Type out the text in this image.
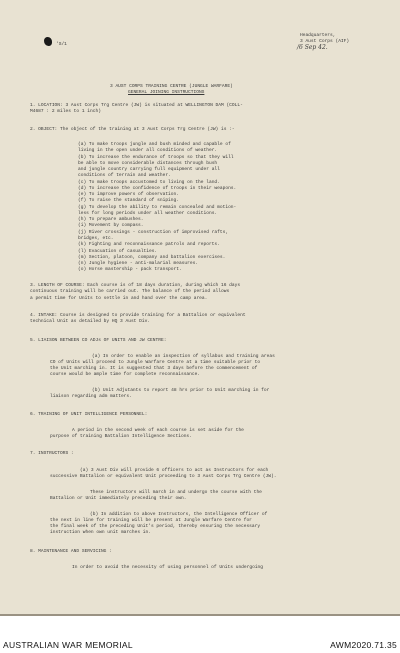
'S/1
Headquarters,
3 Aust Corps (AIF)
/6 Sep 42.
3 AUST CORPS TRAINING CENTRE (JUNGLE WARFARE)
GENERAL JOINING INSTRUCTIONS
1. LOCATION: 3 Aust Corps Trg Centre (JW) is situated at WELLINGTON DAM (COLL-
M4687 : 2 miles to 1 inch)
2. OBJECT: The object of the training at 3 Aust Corps Trg Centre (JW) is :-
(a) To make troops jungle and bush minded and capable of
living in the open under all conditions of weather.
(b) To increase the endurance of troops so that they will
be able to move considerable distances through bush
and jungle country carrying full equipment under all
conditions of terrain and weather.
(c) To make troops accustomed to living on the land.
(d) To increase the confidence of troops in their weapons.
(e) To improve powers of observation.
(f) To raise the standard of sniping.
(g) To develop the ability to remain concealed and motion-
less for long periods under all weather conditions.
(h) To prepare ambushes.
(i) Movement by compass.
(j) River crossings - construction of improvised rafts,
bridges, etc.
(k) Fighting and reconnaissance patrols and reports.
(l) Evacuation of casualties.
(m) Section, platoon, company and battalion exercises.
(n) Jungle hygiene - anti-malarial measures.
(o) Horse mastership - pack transport.
3. LENGTH OF COURSE: Each course is of 18 days duration, during which 16 days
continuous training will be carried out. The balance of the period allows
a permit time for Units to settle in and hand over the camp area.
4. INTAKE: Course is designed to provide training for a Battalion or equivalent
technical Unit as detailed by HQ 3 Aust Div.
5. LIAISON BETWEEN CO ADJs OF UNITS AND JW CENTRE:
(a) In order to enable an inspection of syllabus and training areas
CO of Units will proceed to Jungle Warfare Centre at a time suitable prior to
the Unit marching in. It is suggested that 3 days before the commencement of
course would be ample time for complete reconnaissance.
(b) Unit Adjutants to report 48 hrs prior to Unit marching in for
liaison regarding adm matters.
6. TRAINING OF UNIT INTELLIGENCE PERSONNEL:
A period in the second week of each course is set aside for the
purpose of training Battalion Intelligence Sections.
7. INSTRUCTORS :
(a) 3 Aust Div will provide 6 officers to act as Instructors for each
successive Battalion or equivalent Unit proceeding to 3 Aust Corps Trg Centre (JW).
These instructors will march in and undergo the course with the
Battalion or Unit immediately preceding their own.
(b) In addition to above Instructors, the Intelligence Officer of
the next in line for training will be present at Jungle Warfare Centre for
the final week of the preceding Unit's period, thereby ensuring the necessary
instruction when own unit marches in.
8. MAINTENANCE AND SERVICING :
In order to avoid the necessity of using personnel of Units undergoing
AUSTRALIAN WAR MEMORIAL	AWM2020.71.35
